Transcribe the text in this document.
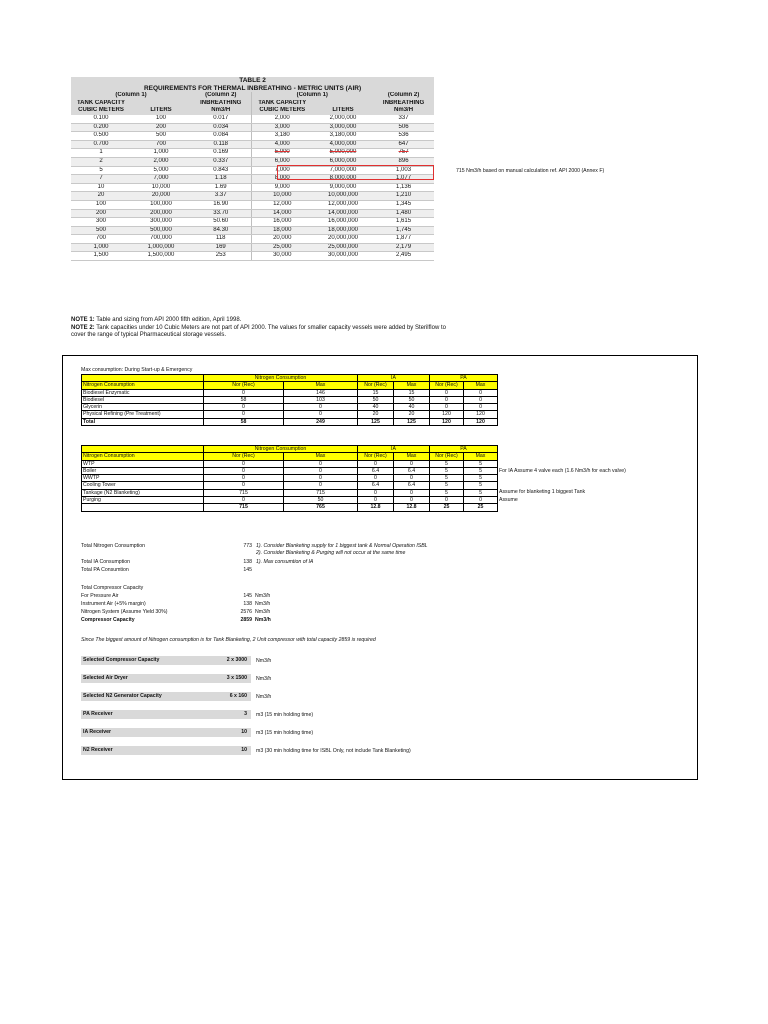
TABLE 2					
REQUIREMENTS FOR THERMAL INBREATHING - METRIC UNITS (AIR)					
(Column 1)		(Column 2)	(Column 1)		(Column 2)
TANK CAPACITY		INBREATHING	TANK CAPACITY		INBREATHING
CUBIC METERS	LITERS	Nm3/H	CUBIC METERS	LITERS	Nm3/H
0.100	100	0.017	2,000	2,000,000	337
0.200	200	0.034	3,000	3,000,000	506
0.500	500	0.084	3,180	3,180,000	536
0.700	700	0.118	4,000	4,000,000	647
1	1,000	0.169	5,000	5,000,000	757
2	2,000	0.337	6,000	6,000,000	896
5	5,000	0.843	7,000	7,000,000	1,003
7	7,000	1.18	8,000	8,000,000	1,077
10	10,000	1.69	9,000	9,000,000	1,136
20	20,000	3.37	10,000	10,000,000	1,210
100	100,000	16.90	12,000	12,000,000	1,345
200	200,000	33.70	14,000	14,000,000	1,480
300	300,000	50.60	16,000	16,000,000	1,615
500	500,000	84.30	18,000	18,000,000	1,745
700	700,000	118	20,000	20,000,000	1,877
1,000	1,000,000	169	25,000	25,000,000	2,179
1,500	1,500,000	253	30,000	30,000,000	2,495
NOTE 1: Table and sizing from API 2000 fifth edition, April 1998.
NOTE 2: Tank capacities under 10 Cubic Meters are not part of API 2000. The values for smaller capacity vessels were added by Sterilflow to cover the range of typical Pharmaceutical storage vessels.
715 Nm3/h based on manual calculation ref. API 2000 (Annex F)
Max consumption: During Start-up & Emergency
	Nitrogen Consumption		IA		PA	
Nitrogen Consumption	Nor (Rec)	Max	Nor (Rec)	Max	Nor (Rec)	Max
Biodiesel Enzymatic	0	146	15	15	0	0
Biodiesel	58	103	50	50	0	0
Glycerin	0	0	40	40	0	0
Physical Refining (Pre Treatment)	0	0	20	20	120	120
Total	58	249	125	125	120	120
	Nitrogen Consumption		IA		PA	
Nitrogen Consumption	Nor (Rec)	Max	Nor (Rec)	Max	Nor (Rec)	Max
WTP	0	0	0	0	5	5
Boiler	0	0	6.4	6.4	5	5
WWTP	0	0	0	0	5	5
Cooling Tower	0	0	6.4	6.4	5	5
Tankage (N2 Blanketing)	715	715	0	0	5	5
Purging	0	50	0	0	0	0
	715	765	12.8	12.8	25	25
For IA Assume 4 valve each (1.6 Nm3/h for each valve)
Assume for blanketing 1 biggest Tank
Assume
Total Nitrogen Consumption	773 1). Consider Blanketing supply for 1 biggest tank & Normal Operation ISBL
2). Consider Blanketing & Purging will not occur at the same time
Total IA Consumption	138 1). Max consumtion of IA
Total PA Consumtion	145
Total Compressor Capacity
For Pressure Air	145 Nm3/h
Instrument Air (+5% margin)	138 Nm3/h
Nitrogen System (Assume Yield 30%)	2576 Nm3/h
Compressor Capacity	2859 Nm3/h
Since The biggest amount of Nitrogen consumption is for Tank Blanketing, 2 Unit compressor with total capacity 2859 is required
Selected Compressor Capacity	2 x 3000 Nm3/h
Selected Air Dryer	3 x 1500 Nm3/h
Selected N2 Generator Capacity	6 x 160 Nm3/h
PA Receiver	3 m3 (15 min holding time)
IA Receiver	10 m3 (15 min holding time)
N2 Receiver	10 m3 (30 min holding time for ISBL Only, not include Tank Blanketing)
